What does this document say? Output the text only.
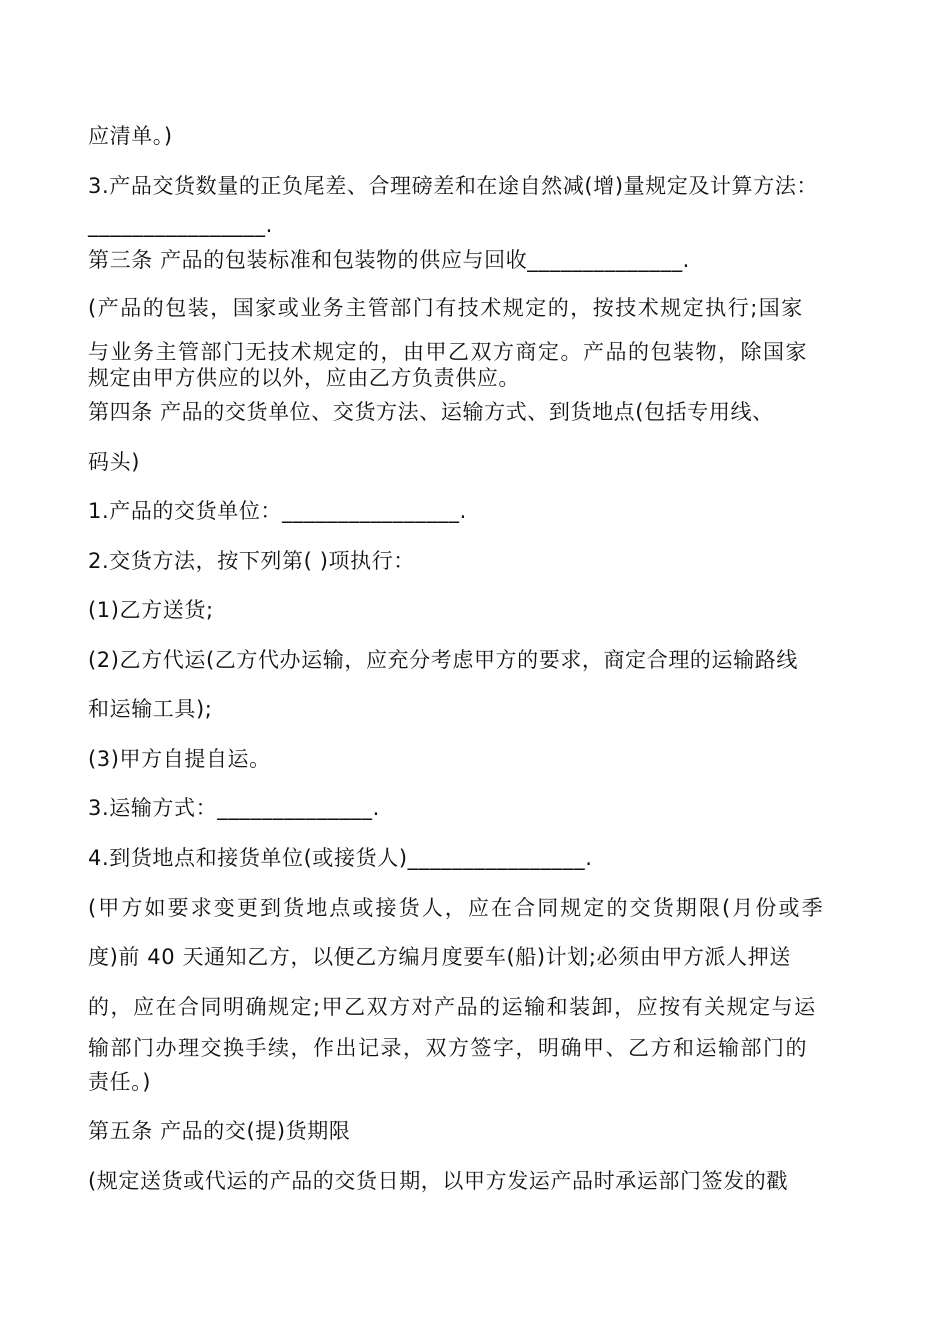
应清单。)
3.产品交货数量的正负尾差、合理磅差和在途自然减(增)量规定及计算方法：
________________.
第三条 产品的包装标准和包装物的供应与回收______________.
(产品的包装，国家或业务主管部门有技术规定的，按技术规定执行;国家
与业务主管部门无技术规定的，由甲乙双方商定。产品的包装物，除国家
规定由甲方供应的以外，应由乙方负责供应。
第四条 产品的交货单位、交货方法、运输方式、到货地点(包括专用线、
码头)
1.产品的交货单位：________________.
2.交货方法，按下列第( )项执行：
(1)乙方送货;
(2)乙方代运(乙方代办运输，应充分考虑甲方的要求，商定合理的运输路线
和运输工具);
(3)甲方自提自运。
3.运输方式：______________.
4.到货地点和接货单位(或接货人)________________.
(甲方如要求变更到货地点或接货人，应在合同规定的交货期限(月份或季
度)前 40 天通知乙方，以便乙方编月度要车(船)计划;必须由甲方派人押送
的，应在合同明确规定;甲乙双方对产品的运输和装卸，应按有关规定与运
输部门办理交换手续，作出记录，双方签字，明确甲、乙方和运输部门的
责任。)
第五条 产品的交(提)货期限
(规定送货或代运的产品的交货日期，以甲方发运产品时承运部门签发的戳
